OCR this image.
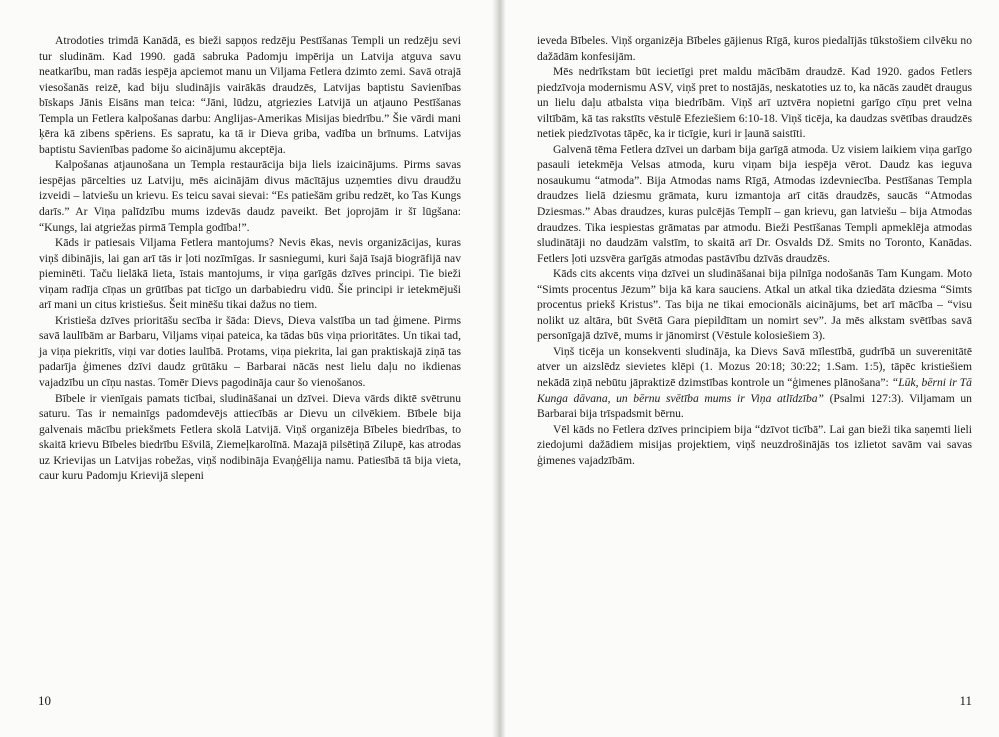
Atrodoties trimdā Kanādā, es bieži sapņos redzēju Pestīšanas Templi un redzēju sevi tur sludinām. Kad 1990. gadā sabruka Padomju impērija un Latvija atguva savu neatkarību, man radās iespēja apciemot manu un Viljama Fetlera dzimto zemi. Savā otrajā viesošanās reizē, kad biju sludinājis vairākās draudzēs, Latvijas baptistu Savienības bīskaps Jānis Eisāns man teica: “Jāni, lūdzu, atgriezies Latvijā un atjauno Pestīšanas Templa un Fetlera kalpošanas darbu: Anglijas-Amerikas Misijas biedrību.” Šie vārdi mani ķēra kā zibens spēriens. Es sapratu, ka tā ir Dieva griba, vadība un brīnums. Latvijas baptistu Savienības padome šo aicinājumu akceptēja.

Kalpošanas atjaunošana un Templa restaurācija bija liels izaicinājums. Pirms savas iespējas pārcelties uz Latviju, mēs aicinājām divus mācītājus uzņemties divu draudžu izveidi – latviešu un krievu. Es teicu savai sievai: “Es patiešām gribu redzēt, ko Tas Kungs darīs.” Ar Viņa palīdzību mums izdevās daudz paveikt. Bet joprojām ir šī lūgšana: “Kungs, lai atgriežas pirmā Templa godība!”.

Kāds ir patiesais Viljama Fetlera mantojums? Nevis ēkas, nevis organizācijas, kuras viņš dibinājis, lai gan arī tās ir ļoti nozīmīgas. Ir sasniegumi, kuri šajā īsajā biogrāfijā nav pieminēti. Taču lielākā lieta, īstais mantojums, ir viņa garīgās dzīves principi. Tie bieži viņam radīja cīņas un grūtības pat ticīgo un darbabiedru vidū. Šie principi ir ietekmējuši arī mani un citus kristiešus. Šeit minēšu tikai dažus no tiem.

Kristieša dzīves prioritāšu secība ir šāda: Dievs, Dieva valstība un tad ģimene. Pirms savā laulībām ar Barbaru, Viljams viņai pateica, ka tādas būs viņa prioritātes. Un tikai tad, ja viņa piekritīs, viņi var doties laulībā. Protams, viņa piekrita, lai gan praktiskajā ziņā tas padarīja ģimenes dzīvi daudz grūtāku – Barbarai nācās nest lielu daļu no ikdienas vajadzību un cīņu nastas. Tomēr Dievs pagodināja caur šo vienošanos.

Bībele ir vienīgais pamats ticībai, sludināšanai un dzīvei. Dieva vārds diktē svētrunu saturu. Tas ir nemainīgs padomdevējs attiecībās ar Dievu un cilvēkiem. Bībele bija galvenais mācību priekšmets Fetlera skolā Latvijā. Viņš organizēja Bībeles biedrības, to skaitā krievu Bībeles biedrību Ešvilā, Ziemeļkarolīnā. Mazajā pilsētiņā Zilupē, kas atrodas uz Krievijas un Latvijas robežas, viņš nodibināja Evaņģēlija namu. Patiesībā tā bija vieta, caur kuru Padomju Krievijā slepeni

10

ieveda Bībeles. Viņš organizēja Bībeles gājienus Rīgā, kuros piedalījās tūkstošiem cilvēku no dažādām konfesijām.

Mēs nedrīkstam būt iecietīgi pret maldu mācībām draudzē. Kad 1920. gados Fetlers piedzīvoja modernismu ASV, viņš pret to nostājās, neskatoties uz to, ka nācās zaudēt draugus un lielu daļu atbalsta viņa biedrībām. Viņš arī uztvēra nopietni garīgo cīņu pret velna viltībām, kā tas rakstīts vēstulē Efeziešiem 6:10-18. Viņš ticēja, ka daudzas svētības draudzēs netiek piedzīvotas tāpēc, ka ir ticīgie, kuri ir ļaunā saistīti.

Galvenā tēma Fetlera dzīvei un darbam bija garīgā atmoda. Uz visiem laikiem viņa garīgo pasauli ietekmēja Velsas atmoda, kuru viņam bija iespēja vērot. Daudz kas ieguva nosaukumu “atmoda”. Bija Atmodas nams Rīgā, Atmodas izdevniecība. Pestīšanas Templa draudzes lielā dziesmu grāmata, kuru izmantoja arī citās draudzēs, saucās “Atmodas Dziesmas.” Abas draudzes, kuras pulcējās Templī – gan krievu, gan latviešu – bija Atmodas draudzes. Tika iespiestas grāmatas par atmodu. Bieži Pestīšanas Templi apmeklēja atmodas sludinātāji no daudzām valstīm, to skaitā arī Dr. Osvalds Dž. Smits no Toronto, Kanādas. Fetlers ļoti uzsvēra garīgās atmodas pastāvību dzīvās draudzēs.

Kāds cits akcents viņa dzīvei un sludināšanai bija pilnīga nodošanās Tam Kungam. Moto “Simts procentus Jēzum” bija kā kara sauciens. Atkal un atkal tika dziedāta dziesma “Simts procentus priekš Kristus”. Tas bija ne tikai emocionāls aicinājums, bet arī mācība – “visu nolikt uz altāra, būt Svētā Gara piepildītam un nomirt sev”. Ja mēs alkstam svētības savā personīgajā dzīvē, mums ir jānomirst (Vēstule kolosiešiem 3).

Viņš ticēja un konsekventi sludināja, ka Dievs Savā mīlestībā, gudrībā un suverenitātē atver un aizslēdz sievietes klēpi (1. Mozus 20:18; 30:22; 1.Sam. 1:5), tāpēc kristiešiem nekādā ziņā nebūtu jāpraktizē dzimstības kontrole un “ģimenes plānošana”: “Lūk, bērni ir Tā Kunga dāvana, un bērnu svētība mums ir Viņa atlīdzība” (Psalmi 127:3). Viljamam un Barbarai bija trīspadsmit bērnu.

Vēl kāds no Fetlera dzīves principiem bija “dzīvot ticībā”. Lai gan bieži tika saņemti lieli ziedojumi dažādiem misijas projektiem, viņš neuzdrošinājās tos izlietot savām vai savas ģimenes vajadzībām.

11
